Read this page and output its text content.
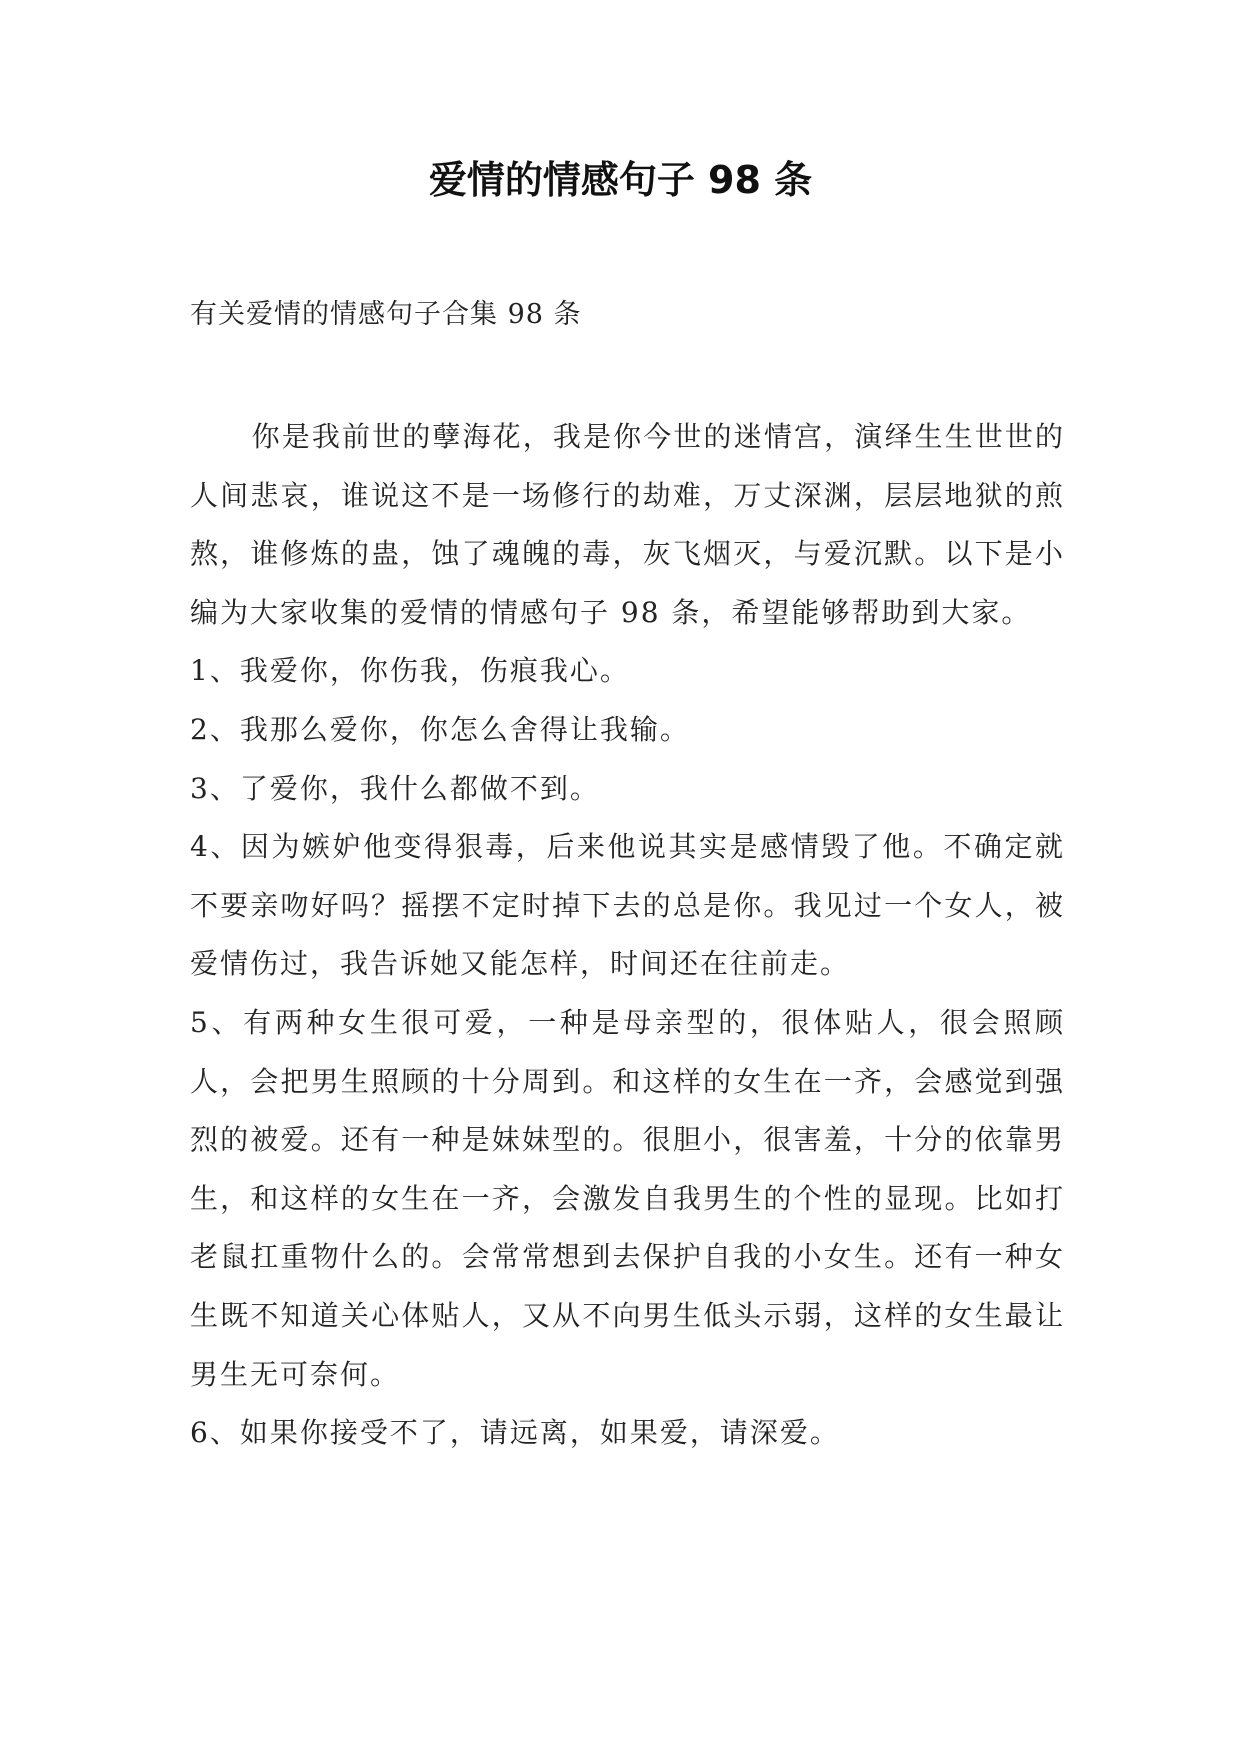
爱情的情感句子 98 条

有关爱情的情感句子合集 98 条

你是我前世的孽海花，我是你今世的迷情宫，演绎生生世世的人间悲哀，谁说这不是一场修行的劫难，万丈深渊，层层地狱的煎熬，谁修炼的蛊，蚀了魂魄的毒，灰飞烟灭，与爱沉默。以下是小编为大家收集的爱情的情感句子 98 条，希望能够帮助到大家。

1、我爱你，你伤我，伤痕我心。

2、我那么爱你，你怎么舍得让我输。

3、了爱你，我什么都做不到。

4、因为嫉妒他变得狠毒，后来他说其实是感情毁了他。不确定就不要亲吻好吗？摇摆不定时掉下去的总是你。我见过一个女人，被爱情伤过，我告诉她又能怎样，时间还在往前走。

5、有两种女生很可爱，一种是母亲型的，很体贴人，很会照顾人，会把男生照顾的十分周到。和这样的女生在一齐，会感觉到强烈的被爱。还有一种是妹妹型的。很胆小，很害羞，十分的依靠男生，和这样的女生在一齐，会激发自我男生的个性的显现。比如打老鼠扛重物什么的。会常常想到去保护自我的小女生。还有一种女生既不知道关心体贴人，又从不向男生低头示弱，这样的女生最让男生无可奈何。

6、如果你接受不了，请远离，如果爱，请深爱。
